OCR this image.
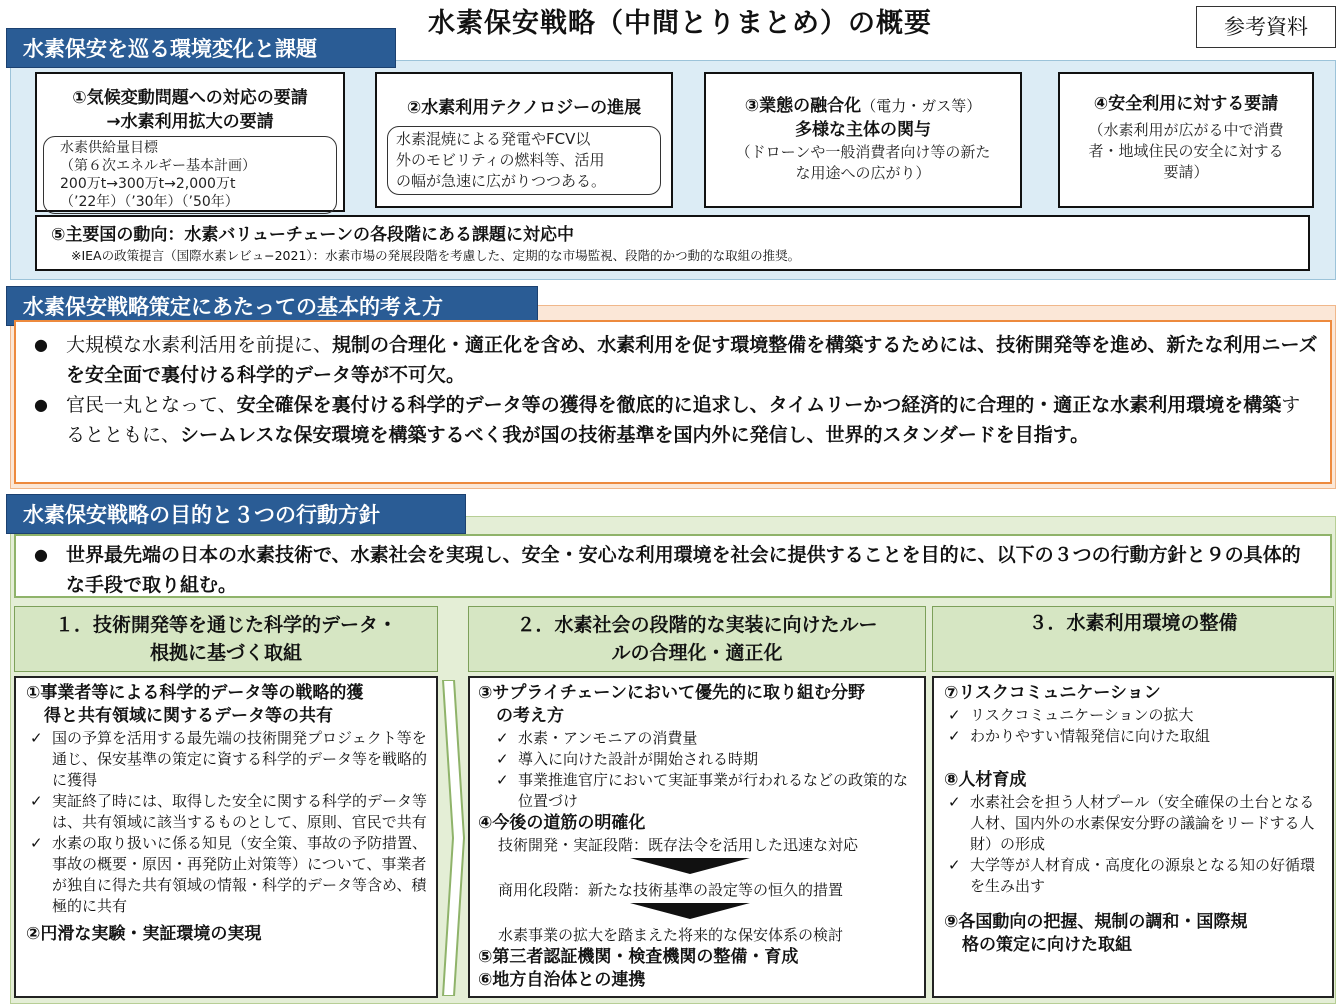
水素保安戦略（中間とりまとめ）の概要	参考資料
水素保安を巡る環境変化と課題
①気候変動問題への対応の要請
→水素利用拡大の要請
水素供給量目標
（第６次エネルギー基本計画）
200万t→300万t→2,000万t
（’22年）（’30年）（’50年）
②水素利用テクノロジーの進展
水素混焼による発電やFCV以
外のモビリティの燃料等、活用
の幅が急速に広がりつつある。
③業態の融合化（電力・ガス等）
多様な主体の関与
（ドローンや一般消費者向け等の新た
な用途への広がり）
④安全利用に対する要請
（水素利用が広がる中で消費
者・地域住民の安全に対する
要請）
⑤主要国の動向：水素バリューチェーンの各段階にある課題に対応中
※IEAの政策提言（国際水素レビュ−2021）：水素市場の発展段階を考慮した、定期的な市場監視、段階的かつ動的な取組の推奨。
水素保安戦略策定にあたっての基本的考え方
● 大規模な水素利活用を前提に、規制の合理化・適正化を含め、水素利用を促す環境整備を構築するためには、技術開発等を進め、新たな利用ニーズを安全面で裏付ける科学的データ等が不可欠。
● 官民一丸となって、安全確保を裏付ける科学的データ等の獲得を徹底的に追求し、タイムリーかつ経済的に合理的・適正な水素利用環境を構築するとともに、シームレスな保安環境を構築するべく我が国の技術基準を国内外に発信し、世界的スタンダードを目指す。
水素保安戦略の目的と３つの行動方針
● 世界最先端の日本の水素技術で、水素社会を実現し、安全・安心な利用環境を社会に提供することを目的に、以下の３つの行動方針と９の具体的な手段で取り組む。
１．技術開発等を通じた科学的データ・
根拠に基づく取組
２．水素社会の段階的な実装に向けたルー
ルの合理化・適正化
３．水素利用環境の整備
①事業者等による科学的データ等の戦略的獲
得と共有領域に関するデータ等の共有
✓ 国の予算を活用する最先端の技術開発プロジェクト等を通じ、保安基準の策定に資する科学的データ等を戦略的に獲得
✓ 実証終了時には、取得した安全に関する科学的データ等は、共有領域に該当するものとして、原則、官民で共有
✓ 水素の取り扱いに係る知見（安全策、事故の予防措置、事故の概要・原因・再発防止対策等）について、事業者が独自に得た共有領域の情報・科学的データ等含め、積極的に共有
②円滑な実験・実証環境の実現
③サプライチェーンにおいて優先的に取り組む分野
の考え方
✓ 水素・アンモニアの消費量
✓ 導入に向けた設計が開始される時期
✓ 事業推進官庁において実証事業が行われるなどの政策的な位置づけ
④今後の道筋の明確化
技術開発・実証段階：既存法令を活用した迅速な対応
商用化段階：新たな技術基準の設定等の恒久的措置
水素事業の拡大を踏まえた将来的な保安体系の検討
⑤第三者認証機関・検査機関の整備・育成
⑥地方自治体との連携
⑦リスクコミュニケーション
✓ リスクコミュニケーションの拡大
✓ わかりやすい情報発信に向けた取組
⑧人材育成
✓ 水素社会を担う人材プール（安全確保の土台となる人材、国内外の水素保安分野の議論をリードする人財）の形成
✓ 大学等が人材育成・高度化の源泉となる知の好循環を生み出す
⑨各国動向の把握、規制の調和・国際規
格の策定に向けた取組
